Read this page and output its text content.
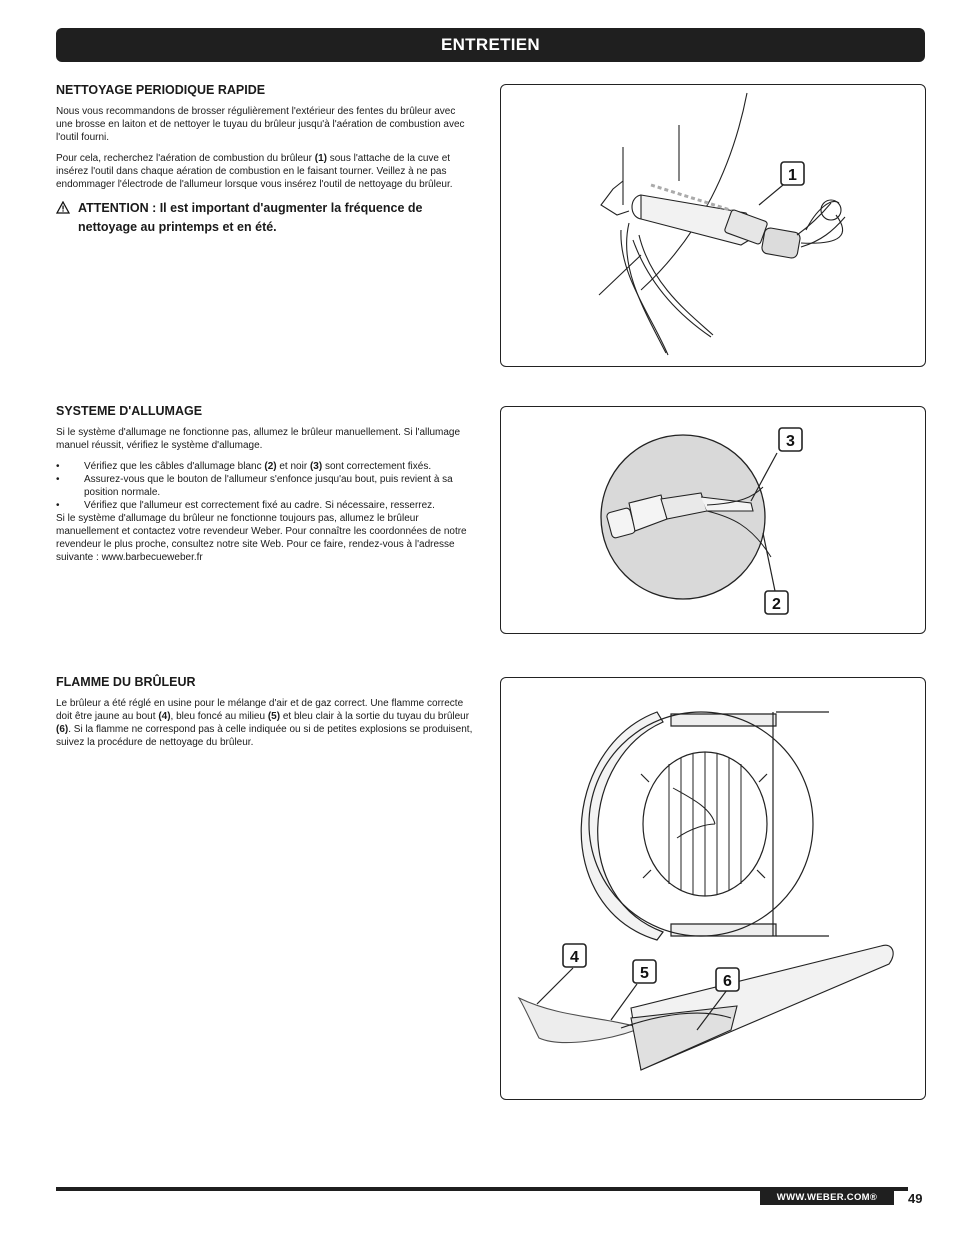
ENTRETIEN
NETTOYAGE PERIODIQUE RAPIDE

Nous vous recommandons de brosser régulièrement l'extérieur des fentes du brûleur avec une brosse en laiton et de nettoyer le tuyau du brûleur jusqu'à l'aération de combustion avec l'outil fourni.

Pour cela, recherchez l'aération de combustion du brûleur (1) sous l'attache de la cuve et insérez l'outil dans chaque aération de combustion en le faisant tourner. Veillez à ne pas endommager l'électrode de l'allumeur lorsque vous insérez l'outil de nettoyage du brûleur.

ATTENTION : Il est important d'augmenter la fréquence de nettoyage au printemps et en été.
1
SYSTEME D'ALLUMAGE

Si le système d'allumage ne fonctionne pas, allumez le brûleur manuellement. Si l'allumage manuel réussit, vérifiez le système d'allumage.

•	Vérifiez que les câbles d'allumage blanc (2) et noir (3) sont correctement fixés.
•	Assurez-vous que le bouton de l'allumeur s'enfonce jusqu'au bout, puis revient à sa position normale.
•	Vérifiez que l'allumeur est correctement fixé au cadre. Si nécessaire, resserrez.

Si le système d'allumage du brûleur ne fonctionne toujours pas, allumez le brûleur manuellement et contactez votre revendeur Weber. Pour connaître les coordonnées de notre revendeur le plus proche, consultez notre site Web. Pour ce faire, rendez-vous à l'adresse suivante : www.barbecueweber.fr

3
2
FLAMME DU BRÛLEUR

Le brûleur a été réglé en usine pour le mélange d'air et de gaz correct. Une flamme correcte doit être jaune au bout (4), bleu foncé au milieu (5) et bleu clair à la sortie du tuyau du brûleur (6). Si la flamme ne correspond pas à celle indiquée ou si de petites explosions se produisent, suivez la procédure de nettoyage du brûleur.

4
5	6
WWW.WEBER.COM® 49
